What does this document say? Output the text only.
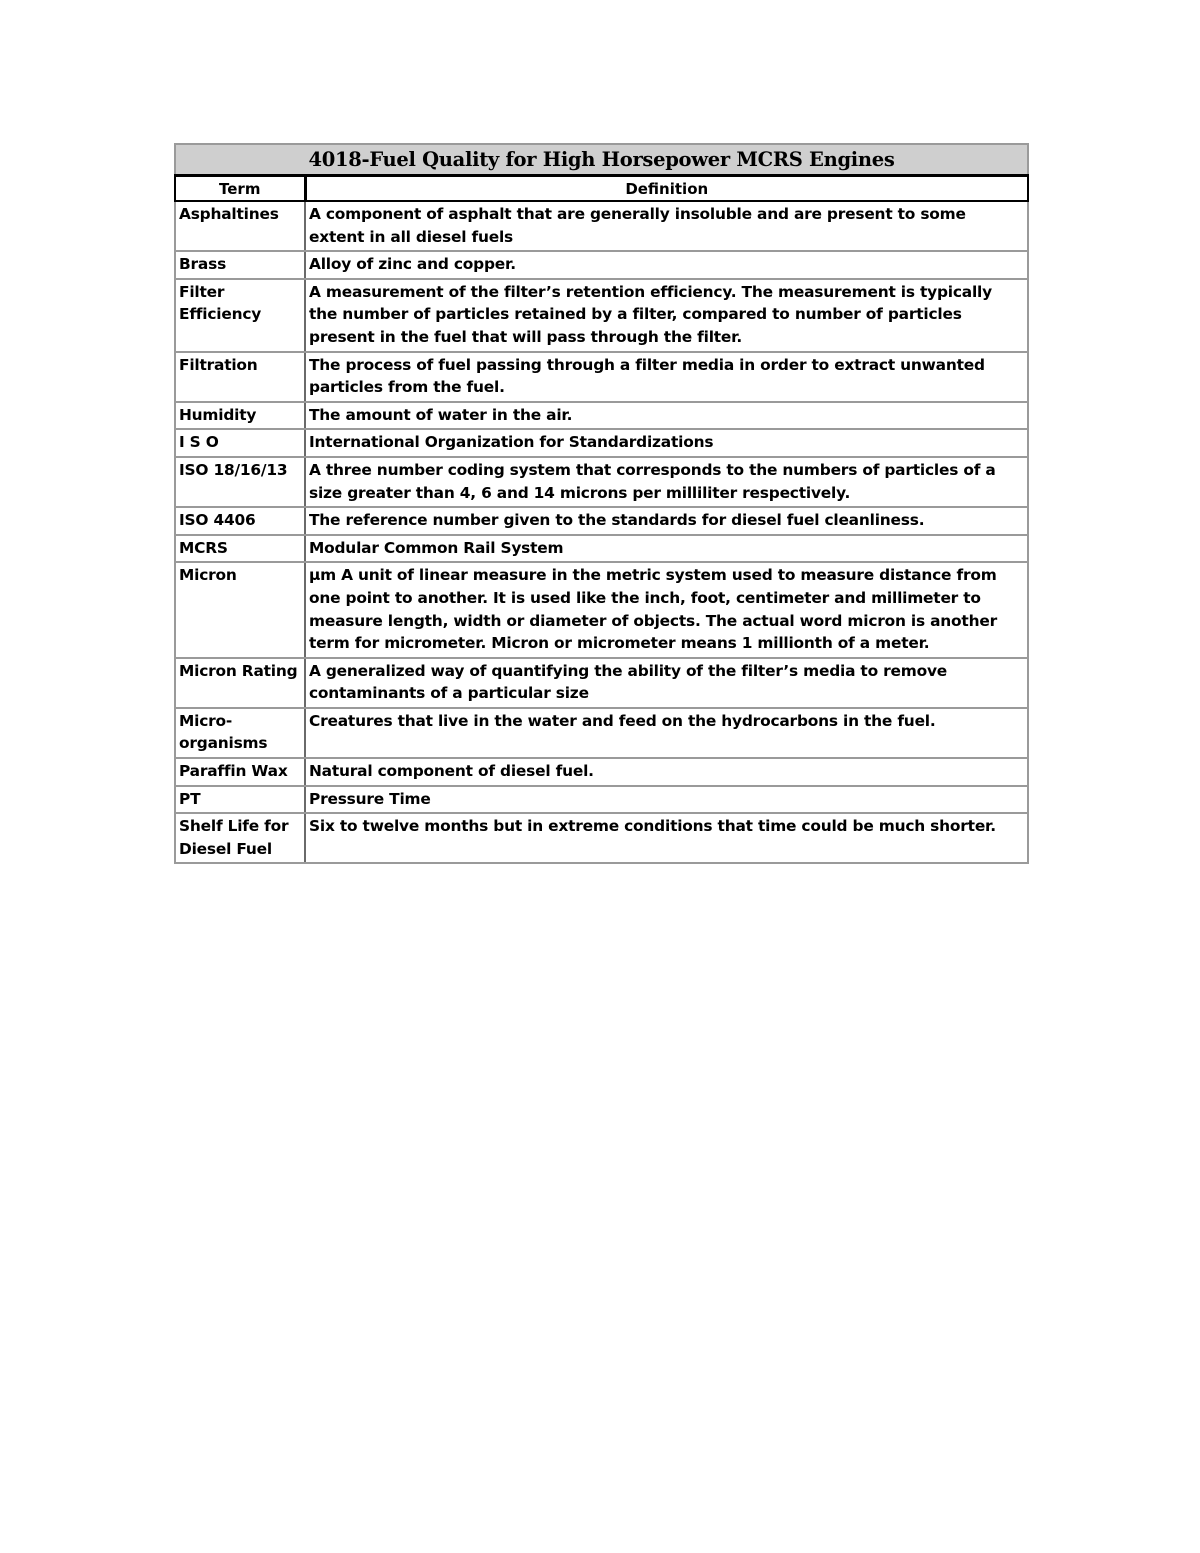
4018-Fuel Quality for High Horsepower MCRS Engines	
Term	Definition
Asphaltines	A component of asphalt that are generally insoluble and are present to some extent in all diesel fuels
Brass	Alloy of zinc and copper.
Filter Efficiency	A measurement of the filter’s retention efficiency. The measurement is typically the number of particles retained by a filter, compared to number of particles present in the fuel that will pass through the filter.
Filtration	The process of fuel passing through a filter media in order to extract unwanted particles from the fuel.
Humidity	The amount of water in the air.
I S O	International Organization for Standardizations
ISO 18/16/13	A three number coding system that corresponds to the numbers of particles of a size greater than 4, 6 and 14 microns per milliliter respectively.
ISO 4406	The reference number given to the standards for diesel fuel cleanliness.
MCRS	Modular Common Rail System
Micron	µm A unit of linear measure in the metric system used to measure distance from one point to another. It is used like the inch, foot, centimeter and millimeter to measure length, width or diameter of objects. The actual word micron is another term for micrometer. Micron or micrometer means 1 millionth of a meter.
Micron Rating	A generalized way of quantifying the ability of the filter’s media to remove contaminants of a particular size
Micro-organisms	Creatures that live in the water and feed on the hydrocarbons in the fuel.
Paraffin Wax	Natural component of diesel fuel.
PT	Pressure Time
Shelf Life for Diesel Fuel	Six to twelve months but in extreme conditions that time could be much shorter.
